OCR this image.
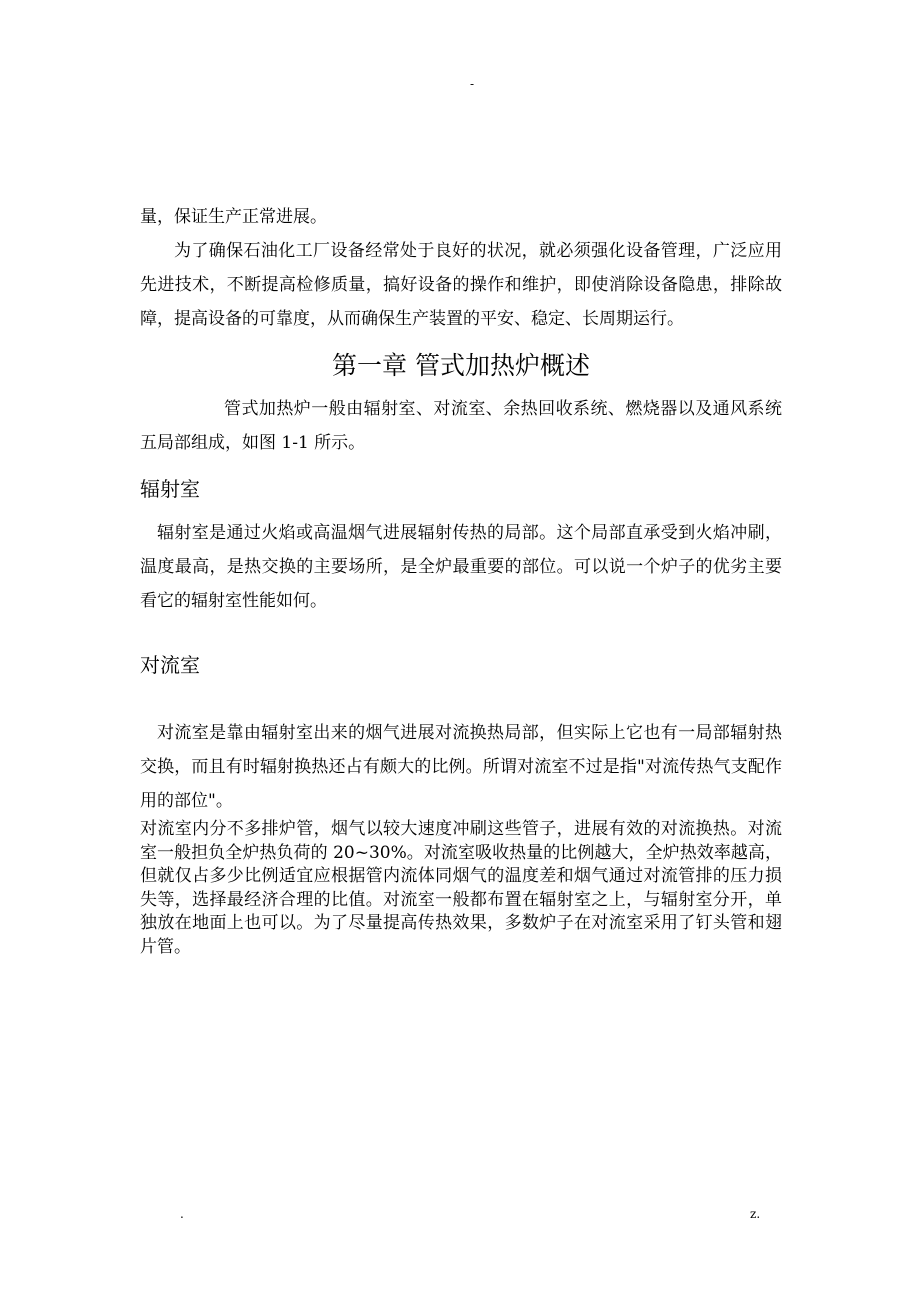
-

量，保证生产正常进展。

为了确保石油化工厂设备经常处于良好的状况，就必须强化设备管理，广泛应用先进技术，不断提高检修质量，搞好设备的操作和维护，即使消除设备隐患，排除故障，提高设备的可靠度，从而确保生产装置的平安、稳定、长周期运行。

第一章 管式加热炉概述

管式加热炉一般由辐射室、对流室、余热回收系统、燃烧器以及通风系统五局部组成，如图 1-1 所示。

辐射室

辐射室是通过火焰或高温烟气进展辐射传热的局部。这个局部直承受到火焰冲刷，温度最高，是热交换的主要场所，是全炉最重要的部位。可以说一个炉子的优劣主要看它的辐射室性能如何。

对流室

对流室是靠由辐射室出来的烟气进展对流换热局部，但实际上它也有一局部辐射热交换，而且有时辐射换热还占有颇大的比例。所谓对流室不过是指"对流传热气支配作用的部位"。

对流室内分不多排炉管，烟气以较大速度冲刷这些管子，进展有效的对流换热。对流室一般担负全炉热负荷的 20~30%。对流室吸收热量的比例越大，全炉热效率越高，但就仅占多少比例适宜应根据管内流体同烟气的温度差和烟气通过对流管排的压力损失等，选择最经济合理的比值。对流室一般都布置在辐射室之上，与辐射室分开，单独放在地面上也可以。为了尽量提高传热效果，多数炉子在对流室采用了钉头管和翅片管。

.	z.
